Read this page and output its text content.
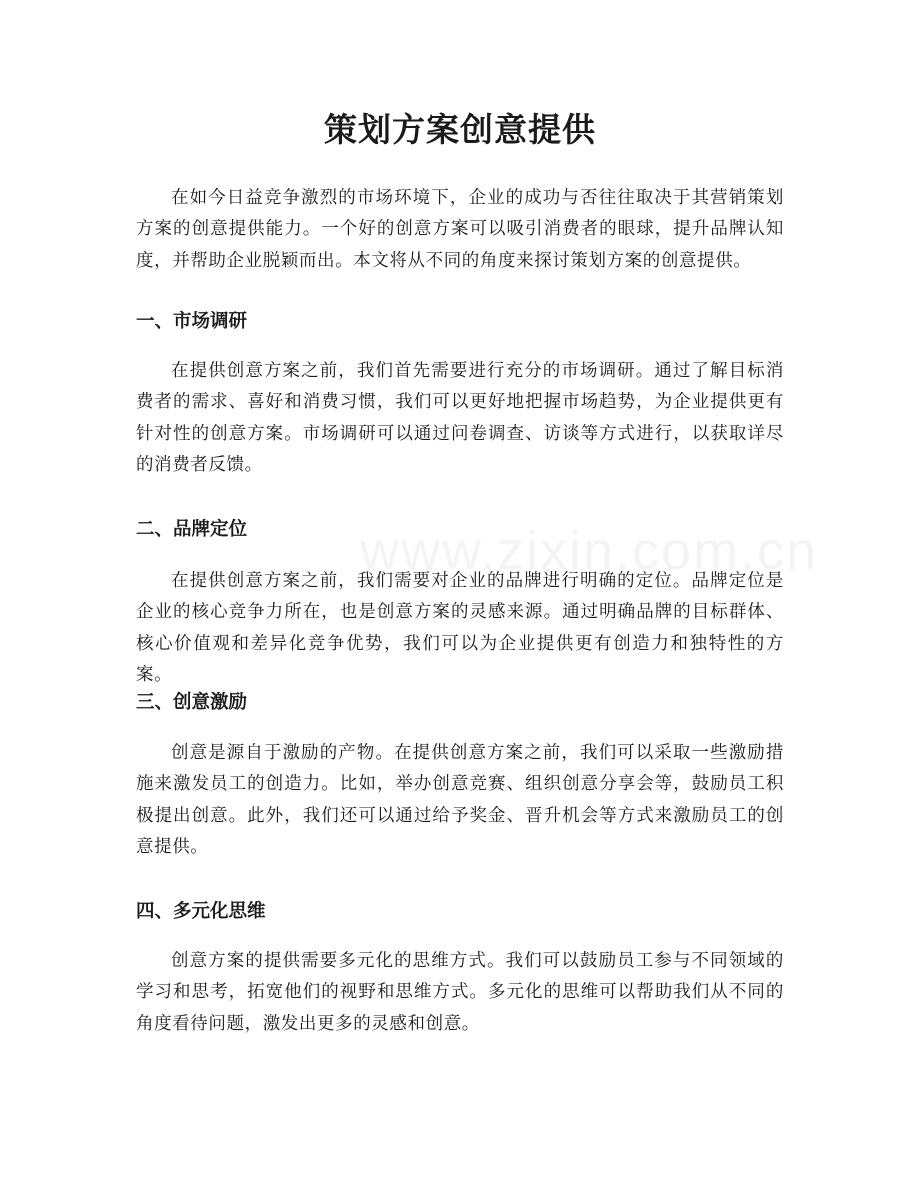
策划方案创意提供

在如今日益竞争激烈的市场环境下，企业的成功与否往往取决于其营销策划方案的创意提供能力。一个好的创意方案可以吸引消费者的眼球，提升品牌认知度，并帮助企业脱颖而出。本文将从不同的角度来探讨策划方案的创意提供。

一、市场调研

在提供创意方案之前，我们首先需要进行充分的市场调研。通过了解目标消费者的需求、喜好和消费习惯，我们可以更好地把握市场趋势，为企业提供更有针对性的创意方案。市场调研可以通过问卷调查、访谈等方式进行，以获取详尽的消费者反馈。

二、品牌定位

在提供创意方案之前，我们需要对企业的品牌进行明确的定位。品牌定位是企业的核心竞争力所在，也是创意方案的灵感来源。通过明确品牌的目标群体、核心价值观和差异化竞争优势，我们可以为企业提供更有创造力和独特性的方案。

三、创意激励

创意是源自于激励的产物。在提供创意方案之前，我们可以采取一些激励措施来激发员工的创造力。比如，举办创意竞赛、组织创意分享会等，鼓励员工积极提出创意。此外，我们还可以通过给予奖金、晋升机会等方式来激励员工的创意提供。

四、多元化思维

创意方案的提供需要多元化的思维方式。我们可以鼓励员工参与不同领域的学习和思考，拓宽他们的视野和思维方式。多元化的思维可以帮助我们从不同的角度看待问题，激发出更多的灵感和创意。
